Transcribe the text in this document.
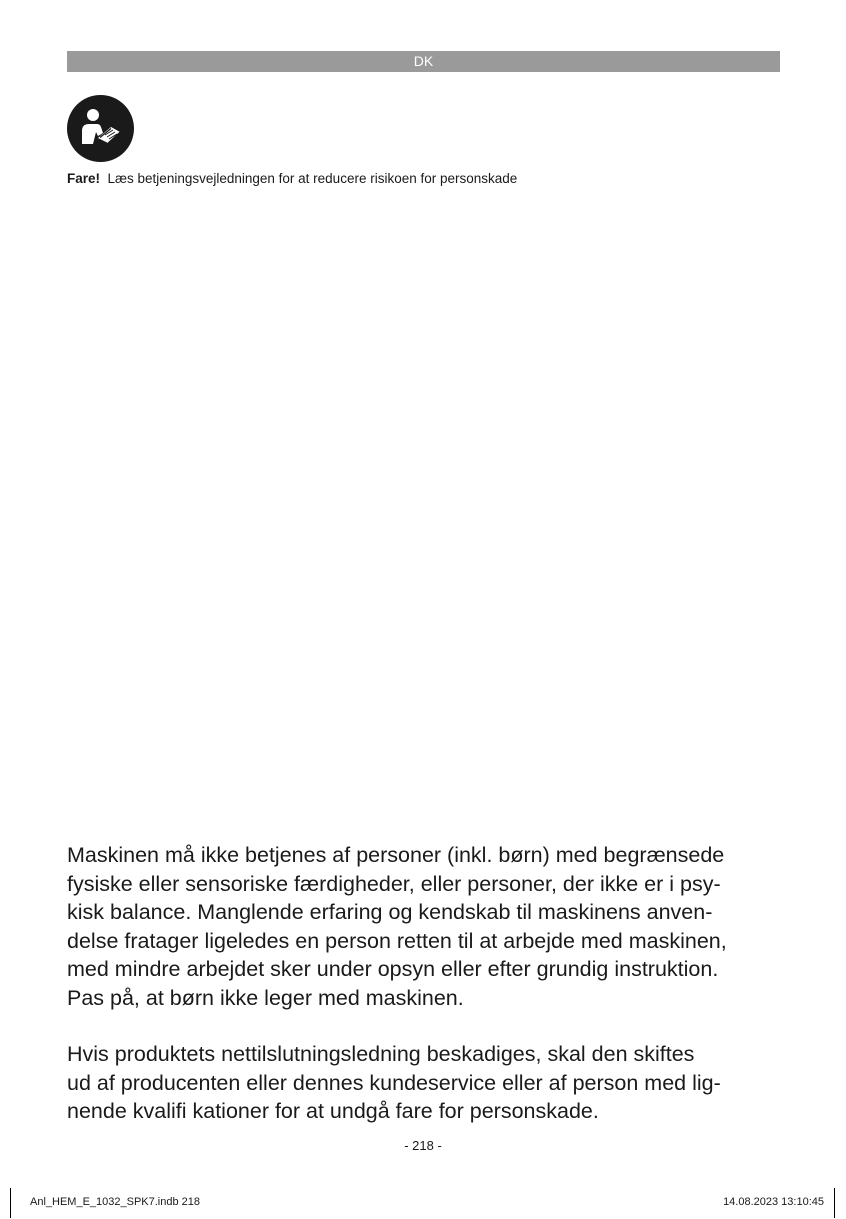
DK
Fare! Læs betjeningsvejledningen for at reducere risikoen for personskade
Maskinen må ikke betjenes af personer (inkl. børn) med begrænsede
fysiske eller sensoriske færdigheder, eller personer, der ikke er i psy-
kisk balance. Manglende erfaring og kendskab til maskinens anven-
delse fratager ligeledes en person retten til at arbejde med maskinen,
med mindre arbejdet sker under opsyn eller efter grundig instruktion.
Pas på, at børn ikke leger med maskinen.
Hvis produktets nettilslutningsledning beskadiges, skal den skiftes
ud af producenten eller dennes kundeservice eller af person med lig-
nende kvalifi kationer for at undgå fare for personskade.
- 218 -
Anl_HEM_E_1032_SPK7.indb 218	14.08.2023 13:10:45
